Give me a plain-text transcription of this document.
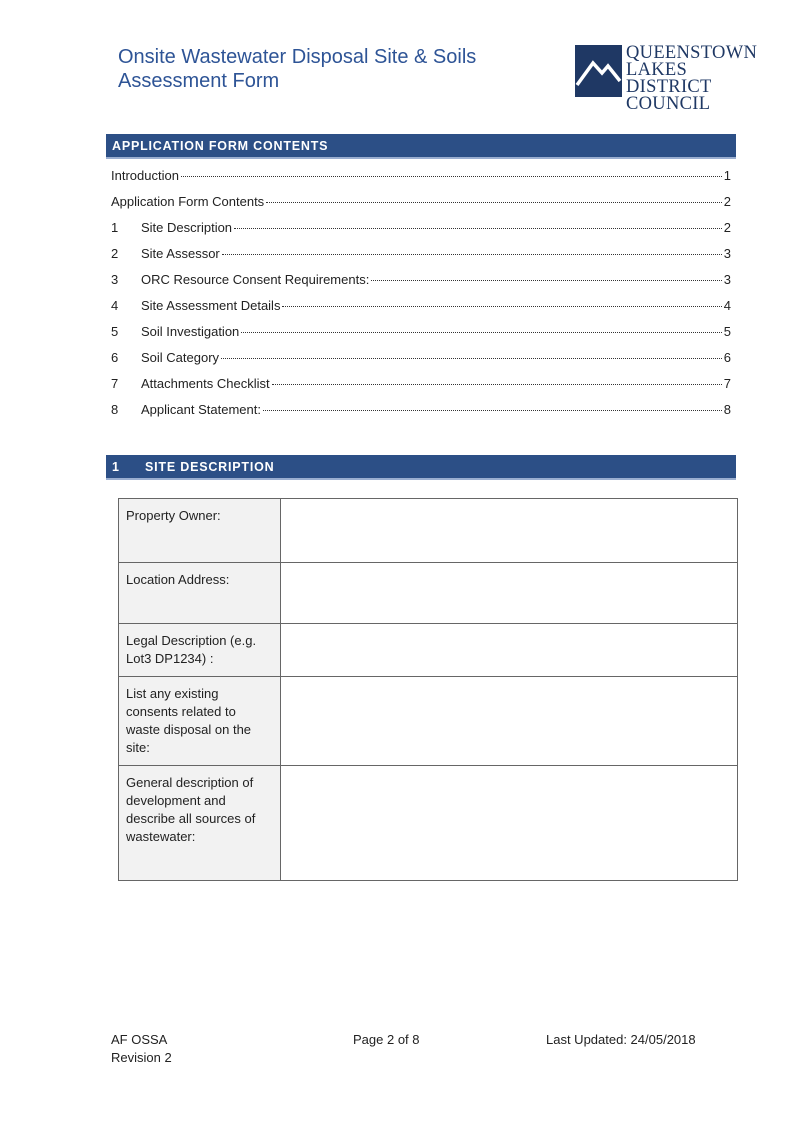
Onsite Wastewater Disposal Site & Soils
Assessment Form
QUEENSTOWN
LAKES DISTRICT
COUNCIL
APPLICATION FORM CONTENTS
Introduction	1
Application Form Contents	2
1	Site Description	2
2	Site Assessor	3
3	ORC Resource Consent Requirements:	3
4	Site Assessment Details	4
5	Soil Investigation	5
6	Soil Category	6
7	Attachments Checklist	7
8	Applicant Statement:	8
1 SITE DESCRIPTION
Property Owner:	
Location Address:	
Legal Description (e.g. Lot3 DP1234) :	
List any existing consents related to waste disposal on the site:	
General description of development and describe all sources of wastewater:	
AF OSSA
Revision 2
Page 2 of 8	Last Updated: 24/05/2018
